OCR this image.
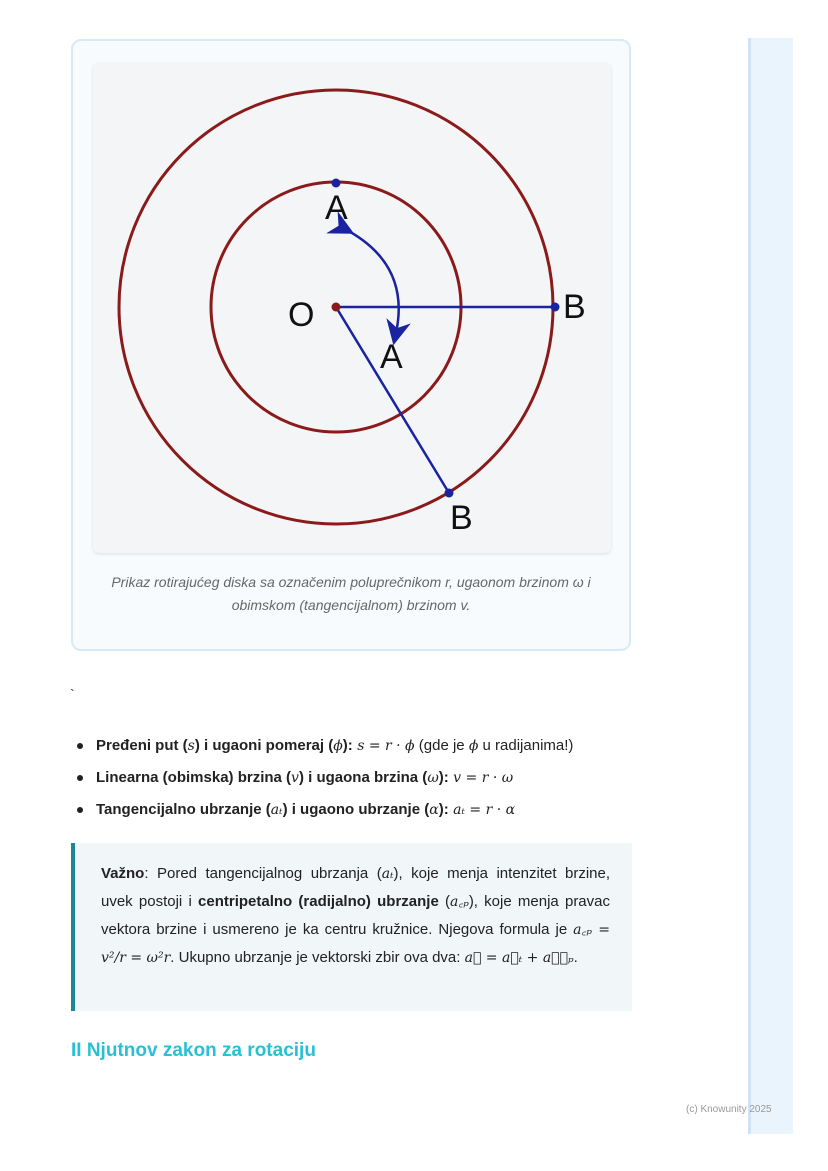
O
A
A
B
B
Prikaz rotirajućeg diska sa označenim poluprečnikom r, ugaonom brzinom ω i obimskom (tangencijalnom) brzinom v.
`
Pređeni put (s) i ugaoni pomeraj (ϕ): s = r · ϕ (gde je ϕ u radijanima!)
Linearna (obimska) brzina (v) i ugaona brzina (ω): v = r · ω
Tangencijalno ubrzanje (aₜ) i ugaono ubrzanje (α): aₜ = r · α
Važno: Pored tangencijalnog ubrzanja (aₜ), koje menja intenzitet brzine, uvek postoji i centripetalno (radijalno) ubrzanje (a꜀ₚ), koje menja pravac vektora brzine i usmereno je ka centru kružnice. Njegova formula je a꜀ₚ = v²/r = ω²r. Ukupno ubrzanje je vektorski zbir ova dva: a⃗ = a⃗ₜ + a⃗꜀ₚ.
II Njutnov zakon za rotaciju
(c) Knowunity 2025
